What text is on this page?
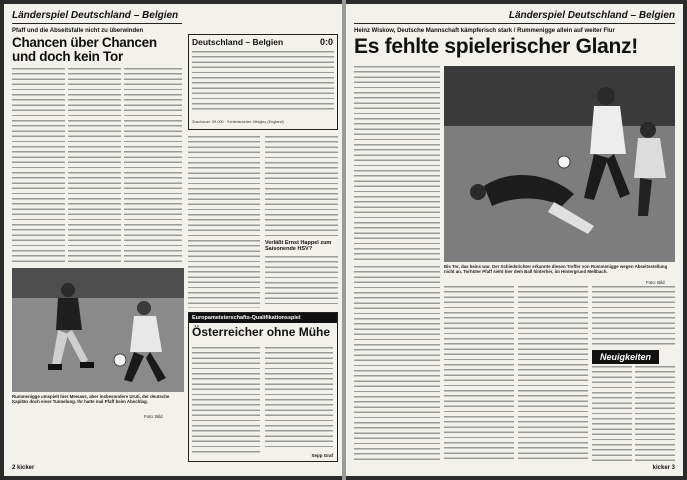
Länderspiel Deutschland – Belgien
Pfaff und die Abseitsfalle nicht zu überwinden
Chancen über Chancen und doch kein Tor
Deutschland – Belgien	0:0
Zuschauer: 39.000 · Schiedsrichter: Midgley (England)
Verläßt Ernst Happel zum Saisonende HSV?
Rummenigge umspielt hier Meeuws, aber insbesondere Uruti, der deutsche Kapitän doch einer Tunnelung. Ihr hatte mal Pfaff beim Abschlag.
Foto: Bild
Europameisterschafts-Qualifikationsspiel
Österreicher ohne Mühe
Sepp Graf
2 kicker
Länderspiel Deutschland – Belgien
Heinz Wiskow, Deutsche Mannschaft kämpferisch stark / Rummenigge allein auf weiter Flur
Es fehlte spielerischer Glanz!
Bis Tor, das keins war. Der Schiedsrichter erkannte diesen Treffer von Rummenigge wegen Abseitsstellung nicht an. Torhüter Pfaff sieht hier dem Ball hinterher, im Hintergrund Meßbach.
Foto: Bild
Neuigkeiten
kicker 3
